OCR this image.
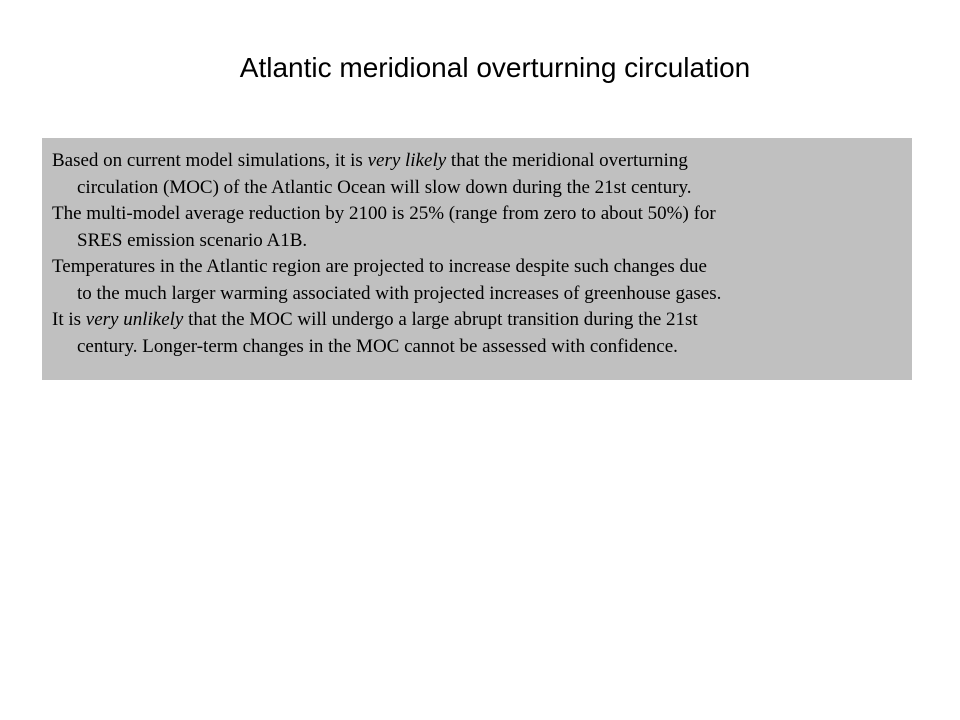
Atlantic meridional overturning circulation

Based on current model simulations, it is very likely that the meridional overturning
circulation (MOC) of the Atlantic Ocean will slow down during the 21st century.

The multi-model average reduction by 2100 is 25% (range from zero to about 50%) for
SRES emission scenario A1B.

Temperatures in the Atlantic region are projected to increase despite such changes due
to the much larger warming associated with projected increases of greenhouse gases.

It is very unlikely that the MOC will undergo a large abrupt transition during the 21st
century. Longer-term changes in the MOC cannot be assessed with confidence.
